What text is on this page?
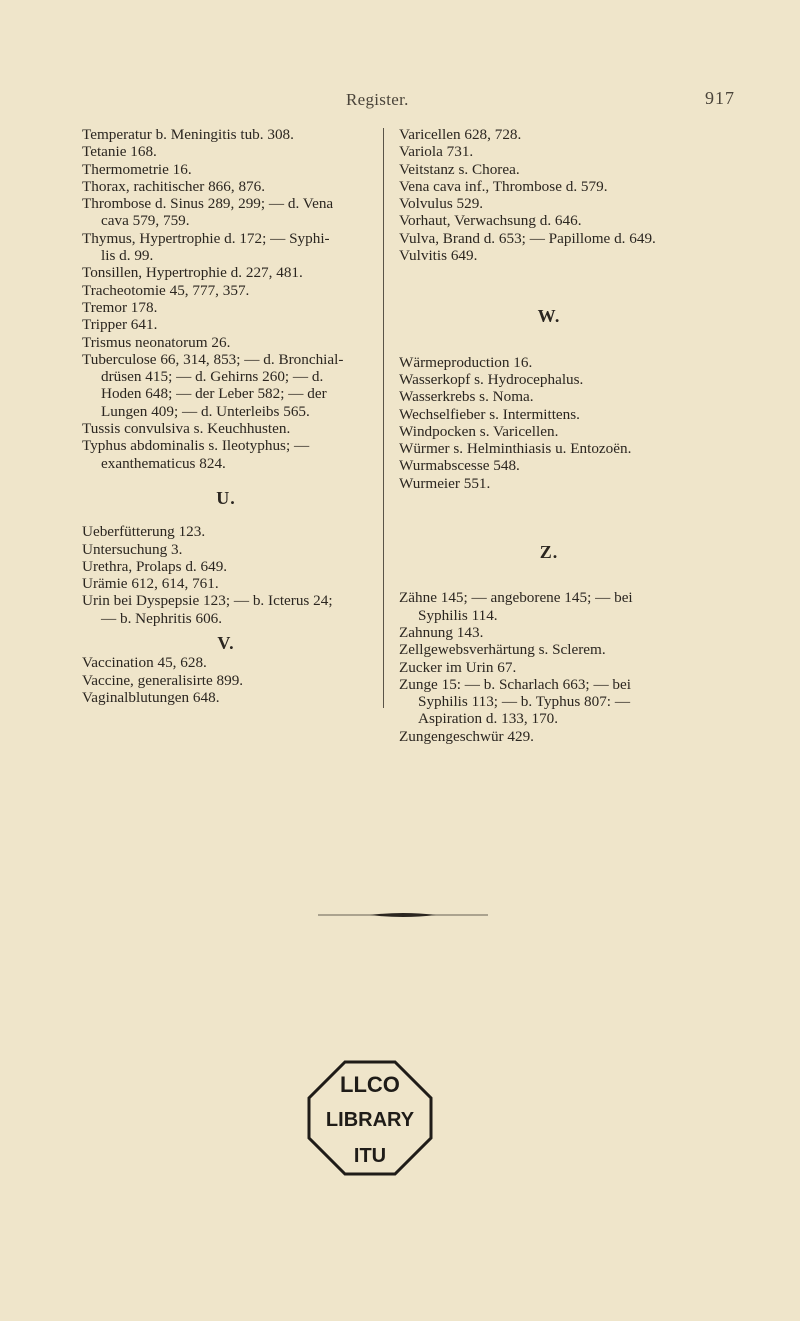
Register.	917
Temperatur b. Meningitis tub. 308.
Tetanie 168.
Thermometrie 16.
Thorax, rachitischer 866, 876.
Thrombose d. Sinus 289, 299; — d. Vena
cava 579, 759.
Thymus, Hypertrophie d. 172; — Syphi-
lis d. 99.
Tonsillen, Hypertrophie d. 227, 481.
Tracheotomie 45, 777, 357.
Tremor 178.
Tripper 641.
Trismus neonatorum 26.
Tuberculose 66, 314, 853; — d. Bronchial-
drüsen 415; — d. Gehirns 260; — d.
Hoden 648; — der Leber 582; — der
Lungen 409; — d. Unterleibs 565.
Tussis convulsiva s. Keuchhusten.
Typhus abdominalis s. Ileotyphus; —
exanthematicus 824.
U.
Ueberfütterung 123.
Untersuchung 3.
Urethra, Prolaps d. 649.
Urämie 612, 614, 761.
Urin bei Dyspepsie 123; — b. Icterus 24;
— b. Nephritis 606.
V.
Vaccination 45, 628.
Vaccine, generalisirte 899.
Vaginalblutungen 648.
Varicellen 628, 728.
Variola 731.
Veitstanz s. Chorea.
Vena cava inf., Thrombose d. 579.
Volvulus 529.
Vorhaut, Verwachsung d. 646.
Vulva, Brand d. 653; — Papillome d. 649.
Vulvitis 649.
W.
Wärmeproduction 16.
Wasserkopf s. Hydrocephalus.
Wasserkrebs s. Noma.
Wechselfieber s. Intermittens.
Windpocken s. Varicellen.
Würmer s. Helminthiasis u. Entozoën.
Wurmabscesse 548.
Wurmeier 551.
Z.
Zähne 145; — angeborene 145; — bei
Syphilis 114.
Zahnung 143.
Zellgewebsverhärtung s. Sclerem.
Zucker im Urin 67.
Zunge 15: — b. Scharlach 663; — bei
Syphilis 113; — b. Typhus 807: —
Aspiration d. 133, 170.
Zungengeschwür 429.
LLCO
LIBRARY
ITU
